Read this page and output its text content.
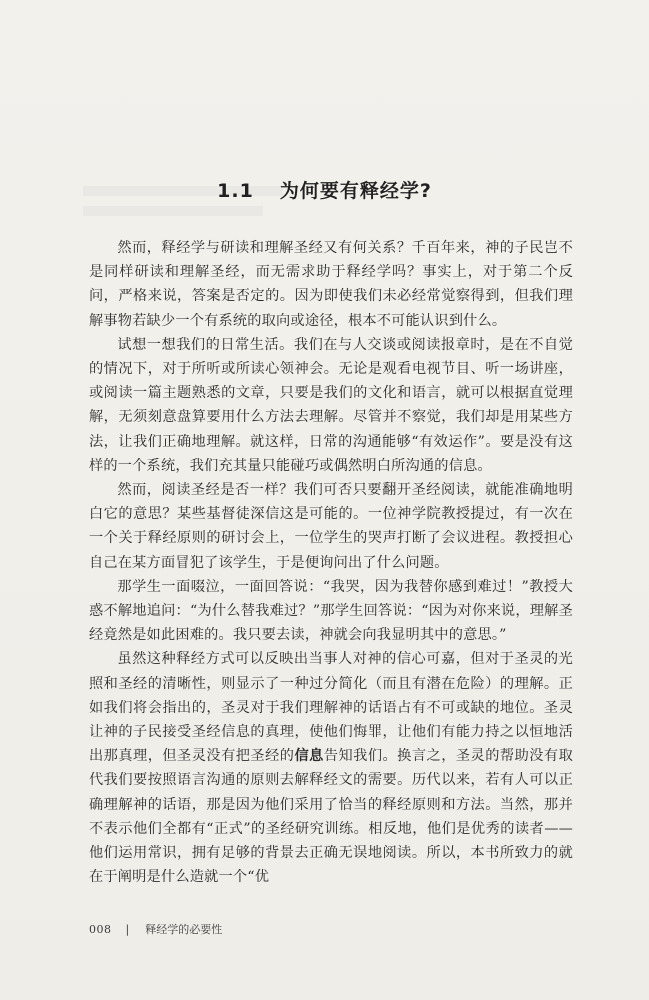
1.1 为何要有释经学?

然而，释经学与研读和理解圣经又有何关系？千百年来，神的子民岂不是同样研读和理解圣经，而无需求助于释经学吗？事实上，对于第二个反问，严格来说，答案是否定的。因为即使我们未必经常觉察得到，但我们理解事物若缺少一个有系统的取向或途径，根本不可能认识到什么。

试想一想我们的日常生活。我们在与人交谈或阅读报章时，是在不自觉的情况下，对于所听或所读心领神会。无论是观看电视节目、听一场讲座，或阅读一篇主题熟悉的文章，只要是我们的文化和语言，就可以根据直觉理解，无须刻意盘算要用什么方法去理解。尽管并不察觉，我们却是用某些方法，让我们正确地理解。就这样，日常的沟通能够“有效运作”。要是没有这样的一个系统，我们充其量只能碰巧或偶然明白所沟通的信息。

然而，阅读圣经是否一样？我们可否只要翻开圣经阅读，就能准确地明白它的意思？某些基督徒深信这是可能的。一位神学院教授提过，有一次在一个关于释经原则的研讨会上，一位学生的哭声打断了会议进程。教授担心自己在某方面冒犯了该学生，于是便询问出了什么问题。

那学生一面啜泣，一面回答说：“我哭，因为我替你感到难过！”教授大惑不解地追问：“为什么替我难过？”那学生回答说：“因为对你来说，理解圣经竟然是如此困难的。我只要去读，神就会向我显明其中的意思。”

虽然这种释经方式可以反映出当事人对神的信心可嘉，但对于圣灵的光照和圣经的清晰性，则显示了一种过分简化（而且有潜在危险）的理解。正如我们将会指出的，圣灵对于我们理解神的话语占有不可或缺的地位。圣灵让神的子民接受圣经信息的真理，使他们悔罪，让他们有能力持之以恒地活出那真理，但圣灵没有把圣经的信息告知我们。换言之，圣灵的帮助没有取代我们要按照语言沟通的原则去解释经文的需要。历代以来，若有人可以正确理解神的话语，那是因为他们采用了恰当的释经原则和方法。当然，那并不表示他们全都有“正式”的圣经研究训练。相反地，他们是优秀的读者——他们运用常识，拥有足够的背景去正确无误地阅读。所以，本书所致力的就在于阐明是什么造就一个“优

008 | 释经学的必要性
